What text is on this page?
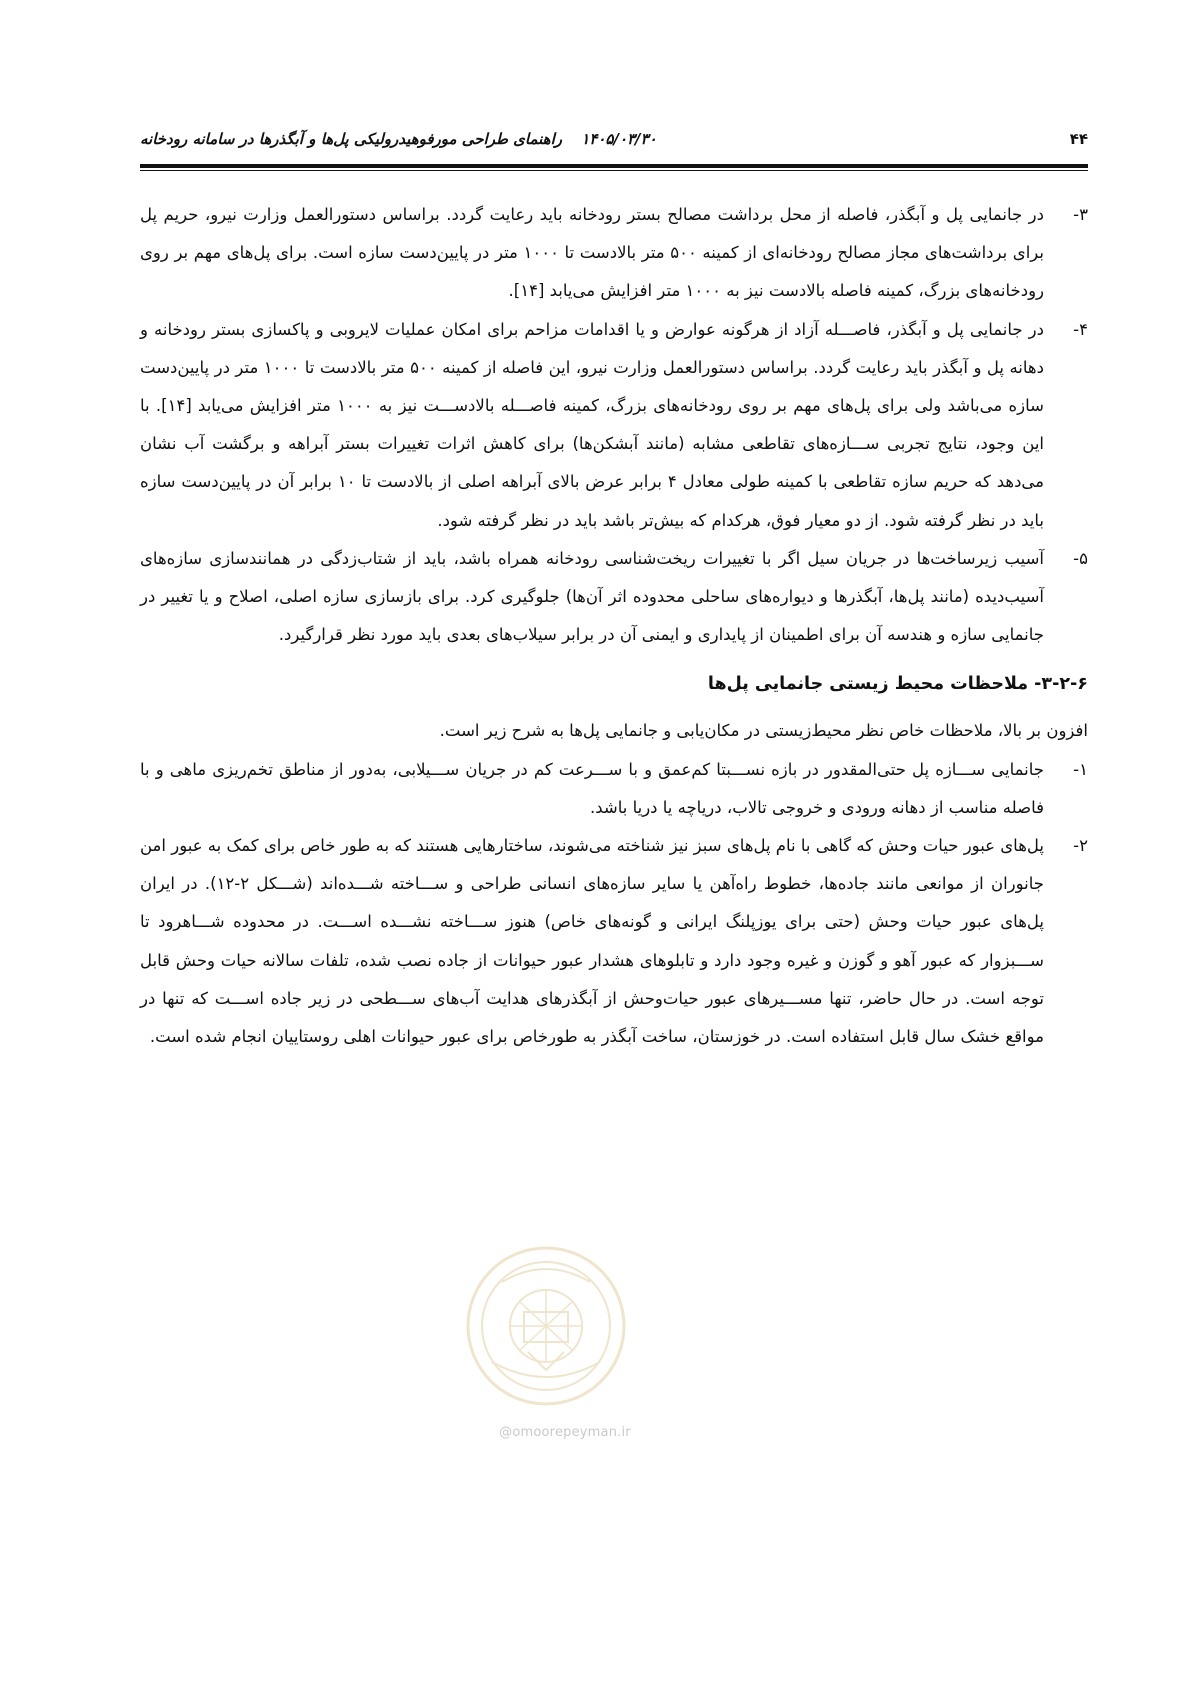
۴۴
۱۴۰۵/۰۳/۳۰ راهنمای طراحی مورفوهیدرولیکی پل‌ها و آبگذرها در سامانه رودخانه
۳-

در جانمایی پل و آبگذر، فاصله از محل برداشت مصالح بستر رودخانه باید رعایت گردد. براساس دستورالعمل وزارت نیرو، حریم پل برای برداشت‌های مجاز مصالح رودخانه‌ای از کمینه ۵۰۰ متر بالادست تا ۱۰۰۰ متر در پایین‌دست سازه است. برای پل‌های مهم بر روی رودخانه‌های بزرگ، کمینه فاصله بالادست نیز به ۱۰۰۰ متر افزایش می‌یابد [۱۴].

۴-

در جانمایی پل و آبگذر، فاصـــله آزاد از هرگونه عوارض و یا اقدامات مزاحم برای امکان عملیات لایروبی و پاکسازی بستر رودخانه و دهانه پل و آبگذر باید رعایت گردد. براساس دستورالعمل وزارت نیرو، این فاصله از کمینه ۵۰۰ متر بالادست تا ۱۰۰۰ متر در پایین‌دست سازه می‌باشد ولی برای پل‌های مهم بر روی رودخانه‌های بزرگ، کمینه فاصـــله بالادســـت نیز به ۱۰۰۰ متر افزایش می‌یابد [۱۴]. با این وجود، نتایج تجربی ســـازه‌های تقاطعی مشابه (مانند آبشکن‌ها) برای کاهش اثرات تغییرات بستر آبراهه و برگشت آب نشان می‌دهد که حریم سازه تقاطعی با کمینه طولی معادل ۴ برابر عرض بالای آبراهه اصلی از بالادست تا ۱۰ برابر آن در پایین‌دست سازه باید در نظر گرفته شود. از دو معیار فوق، هرکدام که بیش‌تر باشد باید در نظر گرفته شود.

۵-

آسیب زیرساخت‌ها در جریان سیل اگر با تغییرات ریخت‌شناسی رودخانه همراه باشد، باید از شتاب‌زدگی در همانندسازی سازه‌های آسیب‌دیده (مانند پل‌ها، آبگذرها و دیواره‌های ساحلی محدوده اثر آن‌ها) جلوگیری کرد. برای بازسازی سازه اصلی، اصلاح و یا تغییر در جانمایی سازه و هندسه آن برای اطمینان از پایداری و ایمنی آن در برابر سیلاب‌های بعدی باید مورد نظر قرارگیرد.

۳-۲-۶- ملاحظات محیط زیستی جانمایی پل‌ها

افزون بر بالا، ملاحظات خاص نظر محیط‌زیستی در مکان‌یابی و جانمایی پل‌ها به شرح زیر است.

۱-

جانمایی ســـازه پل حتی‌المقدور در بازه نســـبتا کم‌عمق و با ســـرعت کم در جریان ســـیلابی، به‌دور از مناطق تخم‌ریزی ماهی و با فاصله مناسب از دهانه ورودی و خروجی تالاب، دریاچه یا دریا باشد.

۲-

پل‌های عبور حیات وحش که گاهی با نام پل‌های سبز نیز شناخته می‌شوند، ساختارهایی هستند که به طور خاص برای کمک به عبور امن جانوران از موانعی مانند جاده‌ها، خطوط راه‌آهن یا سایر سازه‌های انسانی طراحی و ســـاخته شـــده‌اند (شـــکل ۲-۱۲). در ایران پل‌های عبور حیات وحش (حتی برای یوزپلنگ ایرانی و گونه‌های خاص) هنوز ســـاخته نشـــده اســـت. در محدوده شـــاهرود تا ســـبزوار که عبور آهو و گوزن و غیره وجود دارد و تابلوهای هشدار عبور حیوانات از جاده نصب شده، تلفات سالانه حیات وحش قابل توجه است. در حال حاضر، تنها مســـیرهای عبور حیات‌وحش از آبگذرهای هدایت آب‌های ســـطحی در زیر جاده اســـت که تنها در مواقع خشک سال قابل استفاده است. در خوزستان، ساخت آبگذر به طورخاص برای عبور حیوانات اهلی روستاییان انجام شده است.

@omoorepeyman.ir
